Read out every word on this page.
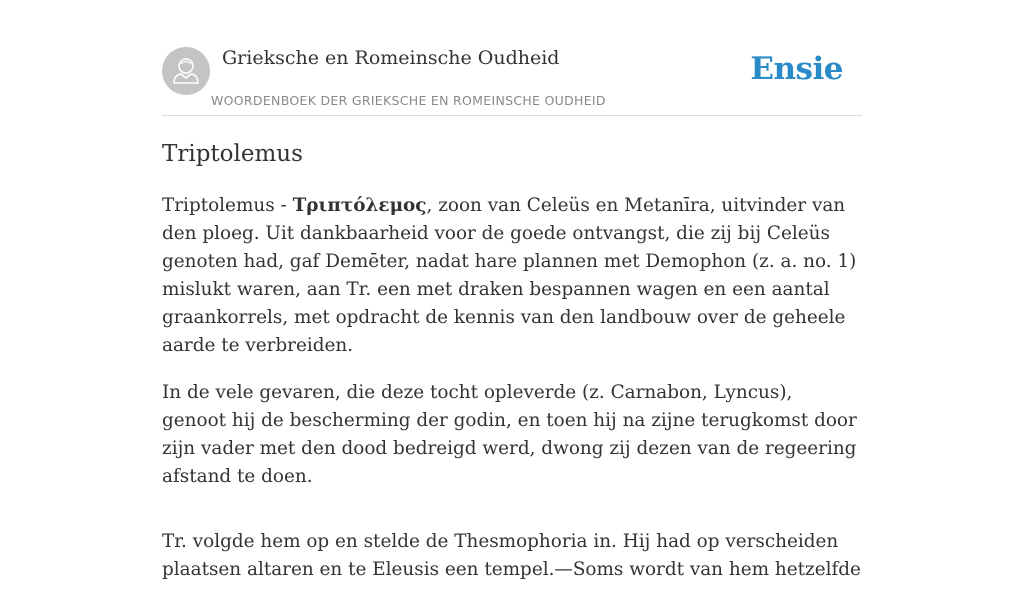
Grieksche en Romeinsche Oudheid
WOORDENBOEK DER GRIEKSCHE EN ROMEINSCHE OUDHEID
Ensie
Triptolemus

Triptolemus - Τριπτόλεμος, zoon van Celeüs en Metanīra, uitvinder van den ploeg. Uit dankbaarheid voor de goede ontvangst, die zij bij Celeüs genoten had, gaf Demēter, nadat hare plannen met Demophon (z. a. no. 1) mislukt waren, aan Tr. een met draken bespannen wagen en een aantal graankorrels, met opdracht de kennis van den landbouw over de geheele aarde te verbreiden.

In de vele gevaren, die deze tocht opleverde (z. Carnabon, Lyncus), genoot hij de bescherming der godin, en toen hij na zijne terugkomst door zijn vader met den dood bedreigd werd, dwong zij dezen van de regeering afstand te doen.

Tr. volgde hem op en stelde de Thesmophoria in. Hij had op verscheiden plaatsen altaren en te Eleusis een tempel.—Soms wordt van hem hetzelfde
